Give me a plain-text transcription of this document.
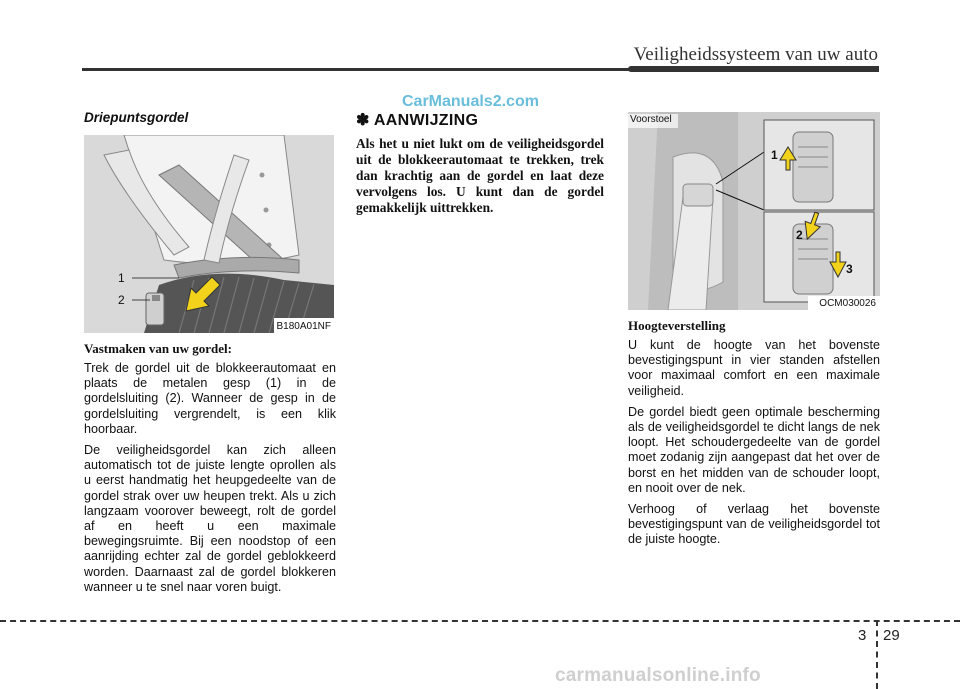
Veiligheidssysteem van uw auto
CarManuals2.com
Driepuntsgordel
1
2
B180A01NF
Vastmaken van uw gordel:

Trek de gordel uit de blokkeerautomaat en plaats de metalen gesp (1) in de gordelsluiting (2). Wanneer de gesp in de gordelsluiting vergrendelt, is een klik hoorbaar.

De veiligheidsgordel kan zich alleen automatisch tot de juiste lengte oprollen als u eerst handmatig het heupgedeelte van de gordel strak over uw heupen trekt. Als u zich langzaam voorover beweegt, rolt de gordel af en heeft u een maximale bewegingsruimte. Bij een noodstop of een aanrijding echter zal de gordel geblokkeerd worden. Daarnaast zal de gordel blokkeren wanneer u te snel naar voren buigt.

✽ AANWIJZING

Als het u niet lukt om de veiligheidsgordel uit de blokkeerautomaat te trekken, trek dan krachtig aan de gordel en laat deze vervolgens los. U kunt dan de gordel gemakkelijk uittrekken.

Voorstoel
1
2
3
OCM030026
Hoogteverstelling

U kunt de hoogte van het bovenste bevestigingspunt in vier standen afstellen voor maximaal comfort en een maximale veiligheid.

De gordel biedt geen optimale bescherming als de veiligheidsgordel te dicht langs de nek loopt. Het schoudergedeelte van de gordel moet zodanig zijn aangepast dat het over de borst en het midden van de schouder loopt, en nooit over de nek.

Verhoog of verlaag het bovenste bevestigingspunt van de veiligheidsgordel tot de juiste hoogte.

3 29
carmanualsonline.info
